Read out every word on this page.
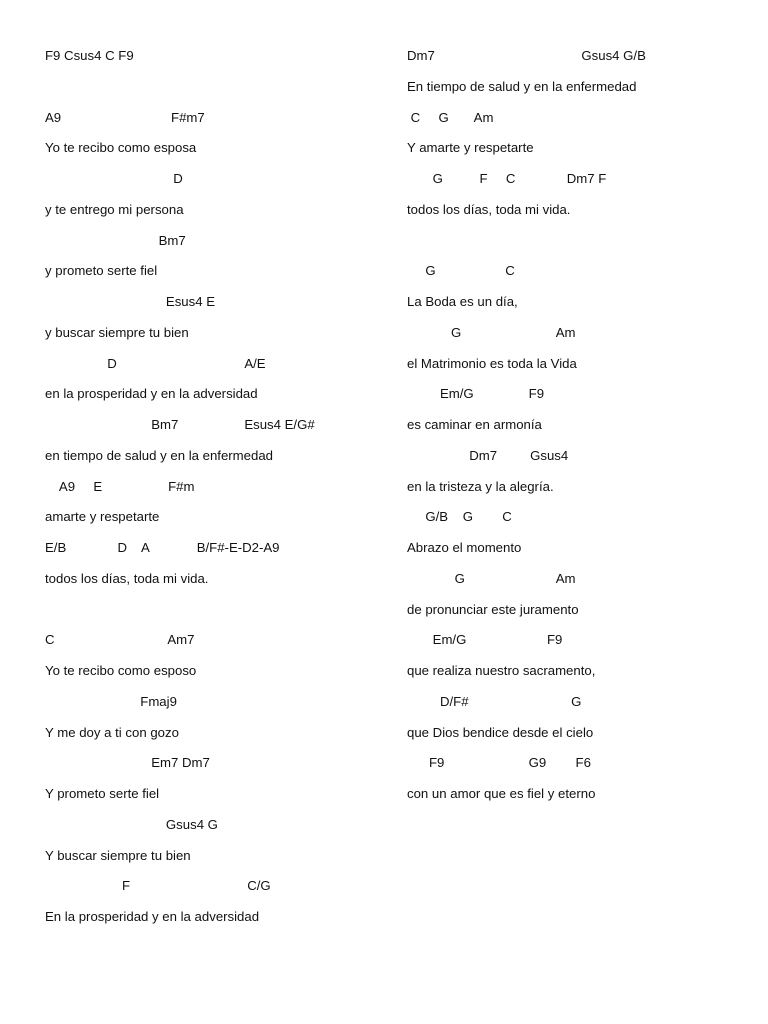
F9 Csus4 C F9
A9                              F#m7
Yo te recibo como esposa
D
y te entrego mi persona
Bm7
y prometo serte fiel
Esus4 E
y buscar siempre tu bien
D                                   A/E
en la prosperidad y en la adversidad
Bm7                  Esus4 E/G#
en tiempo de salud y en la enfermedad
A9     E                  F#m
amarte y respetarte
E/B              D    A             B/F#-E-D2-A9
todos los días, toda mi vida.
C                               Am7
Yo te recibo como esposo
Fmaj9
Y me doy a ti con gozo
Em7 Dm7
Y prometo serte fiel
Gsus4 G
Y buscar siempre tu bien
F                                C/G
En la prosperidad y en la adversidad
Dm7                                        Gsus4 G/B
En tiempo de salud y en la enfermedad
C     G       Am
Y amarte y respetarte
G          F     C              Dm7 F
todos los días, toda mi vida.
G                   C
La Boda es un día,
G                          Am
el Matrimonio es toda la Vida
Em/G               F9
es caminar en armonía
Dm7         Gsus4
en la tristeza y la alegría.
G/B    G        C
Abrazo el momento
G                         Am
de pronunciar este juramento
Em/G                      F9
que realiza nuestro sacramento,
D/F#                            G
que Dios bendice desde el cielo
F9                       G9        F6
con un amor que es fiel y eterno
